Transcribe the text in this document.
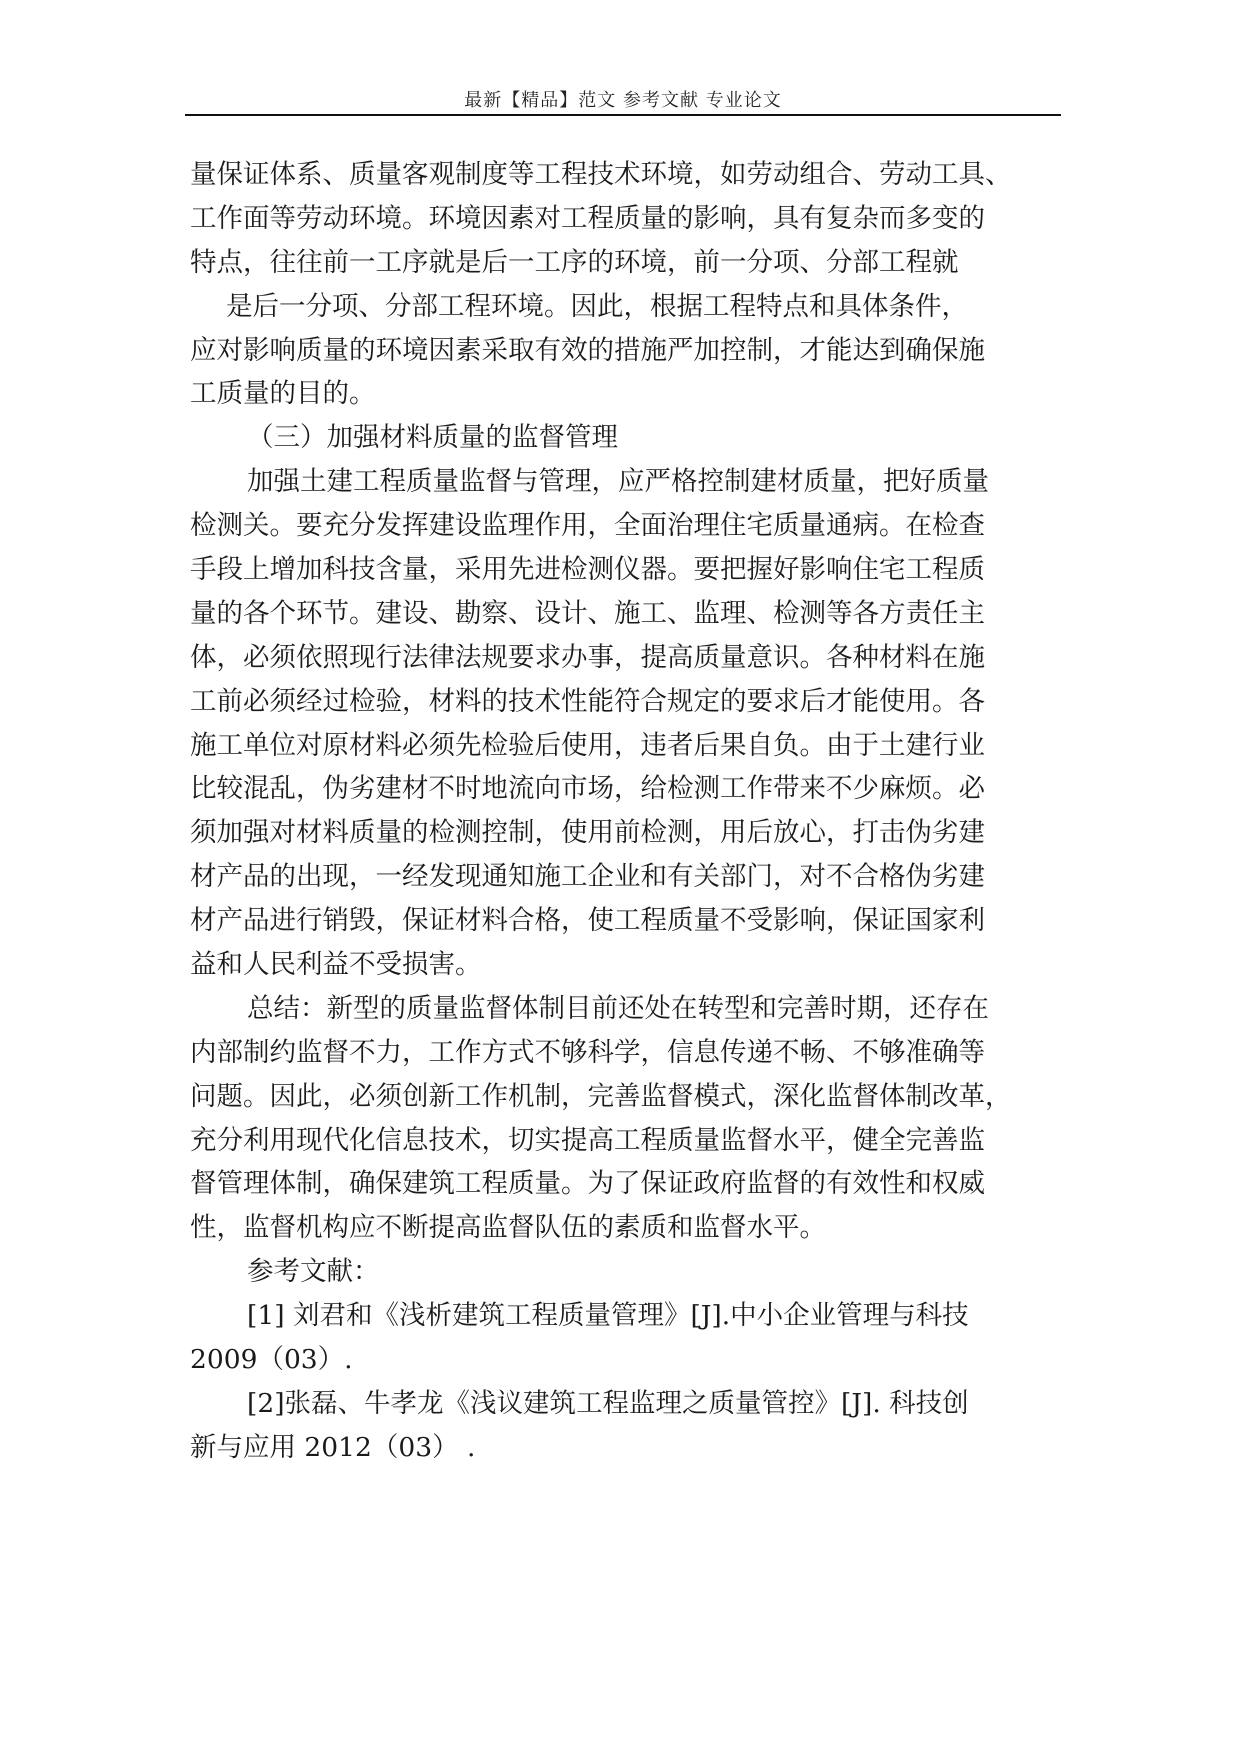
最新【精品】范文 参考文献 专业论文
量保证体系、质量客观制度等工程技术环境，如劳动组合、劳动工具、
工作面等劳动环境。环境因素对工程质量的影响，具有复杂而多变的
特点，往往前一工序就是后一工序的环境，前一分项、分部工程就
是后一分项、分部工程环境。因此，根据工程特点和具体条件，
应对影响质量的环境因素采取有效的措施严加控制，才能达到确保施
工质量的目的。
（三）加强材料质量的监督管理
加强土建工程质量监督与管理，应严格控制建材质量，把好质量
检测关。要充分发挥建设监理作用，全面治理住宅质量通病。在检查
手段上增加科技含量，采用先进检测仪器。要把握好影响住宅工程质
量的各个环节。建设、勘察、设计、施工、监理、检测等各方责任主
体，必须依照现行法律法规要求办事，提高质量意识。各种材料在施
工前必须经过检验，材料的技术性能符合规定的要求后才能使用。各
施工单位对原材料必须先检验后使用，违者后果自负。由于土建行业
比较混乱，伪劣建材不时地流向市场，给检测工作带来不少麻烦。必
须加强对材料质量的检测控制，使用前检测，用后放心，打击伪劣建
材产品的出现，一经发现通知施工企业和有关部门，对不合格伪劣建
材产品进行销毁，保证材料合格，使工程质量不受影响，保证国家利
益和人民利益不受损害。
总结：新型的质量监督体制目前还处在转型和完善时期，还存在
内部制约监督不力，工作方式不够科学，信息传递不畅、不够准确等
问题。因此，必须创新工作机制，完善监督模式，深化监督体制改革，
充分利用现代化信息技术，切实提高工程质量监督水平，健全完善监
督管理体制，确保建筑工程质量。为了保证政府监督的有效性和权威
性，监督机构应不断提高监督队伍的素质和监督水平。
参考文献：
[1] 刘君和《浅析建筑工程质量管理》[J].中小企业管理与科技
2009（03）.
[2]张磊、牛孝龙《浅议建筑工程监理之质量管控》[J]. 科技创
新与应用 2012（03） .
